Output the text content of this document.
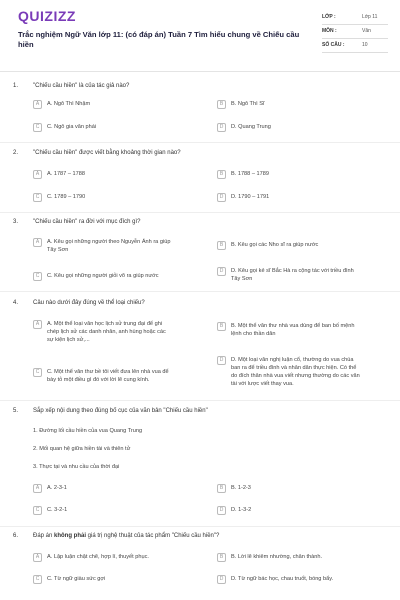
QUIZIZZ
Trắc nghiệm Ngữ Văn lớp 11: (có đáp án) Tuần 7 Tìm hiểu chung về Chiếu cầu hiền
LỚP :	Lớp 11
MÔN :	Văn
SỐ CÂU :	10
1. "Chiếu cầu hiền" là của tác giả nào?
A	A. Ngô Thì Nhậm	B	B. Ngô Thì Sĩ
C	C. Ngô gia văn phái	D	D. Quang Trung
2. "Chiếu cầu hiền" được viết bằng khoảng thời gian nào?
A	A. 1787 – 1788	B	B. 1788 – 1789
C	C. 1789 – 1790	D	D. 1790 – 1791
3. "Chiếu cầu hiền" ra đời với mục đích gì?
A	A. Kêu gọi những người theo Nguyễn Ánh ra giúp
Tây Sơn
B	B. Kêu gọi các Nho sĩ ra giúp nước
C	C. Kêu gọi những người giỏi võ ra giúp nước
D	D. Kêu gọi kẻ sĩ Bắc Hà ra cộng tác với triều đình
Tây Sơn
4. Câu nào dưới đây đúng về thể loại chiếu?
A	A. Một thể loại văn học lịch sử trung đại để ghi
chép lịch sử các danh nhân, anh hùng hoặc các
sự kiện lịch sử,...
B	B. Một thể văn thư nhà vua dùng để ban bố mệnh
lệnh cho thần dân
C	C. Một thể văn thư bề tôi viết đưa lên nhà vua để
bày tỏ một điều gì đó với lời lẽ cung kính.
D	D. Một loại văn nghị luận cổ, thường do vua chúa
ban ra để triều đình và nhân dân thực hiện. Có thể
do đích thân nhà vua viết nhưng thường do các văn
tài với lược viết thay vua.
5. Sắp xếp nội dung theo đúng bố cục của văn bản "Chiếu cầu hiền"
1. Đường lối cầu hiền của vua Quang Trung
2. Mối quan hệ giữa hiền tài và thiên tử
3. Thực tại và nhu cầu của thời đại
A	A. 2-3-1	B	B. 1-2-3
C	C. 3-2-1	D	D. 1-3-2
6. Đáp án không phải giá trị nghệ thuật của tác phẩm "Chiếu cầu hiền"?
A	A. Lập luận chặt chẽ, hợp lí, thuyết phục.	B	B. Lời lẽ khiêm nhường, chân thành.
C	C. Từ ngữ giàu sức gợi	D	D. Từ ngữ bác học, chau truốt, bóng bẩy.
